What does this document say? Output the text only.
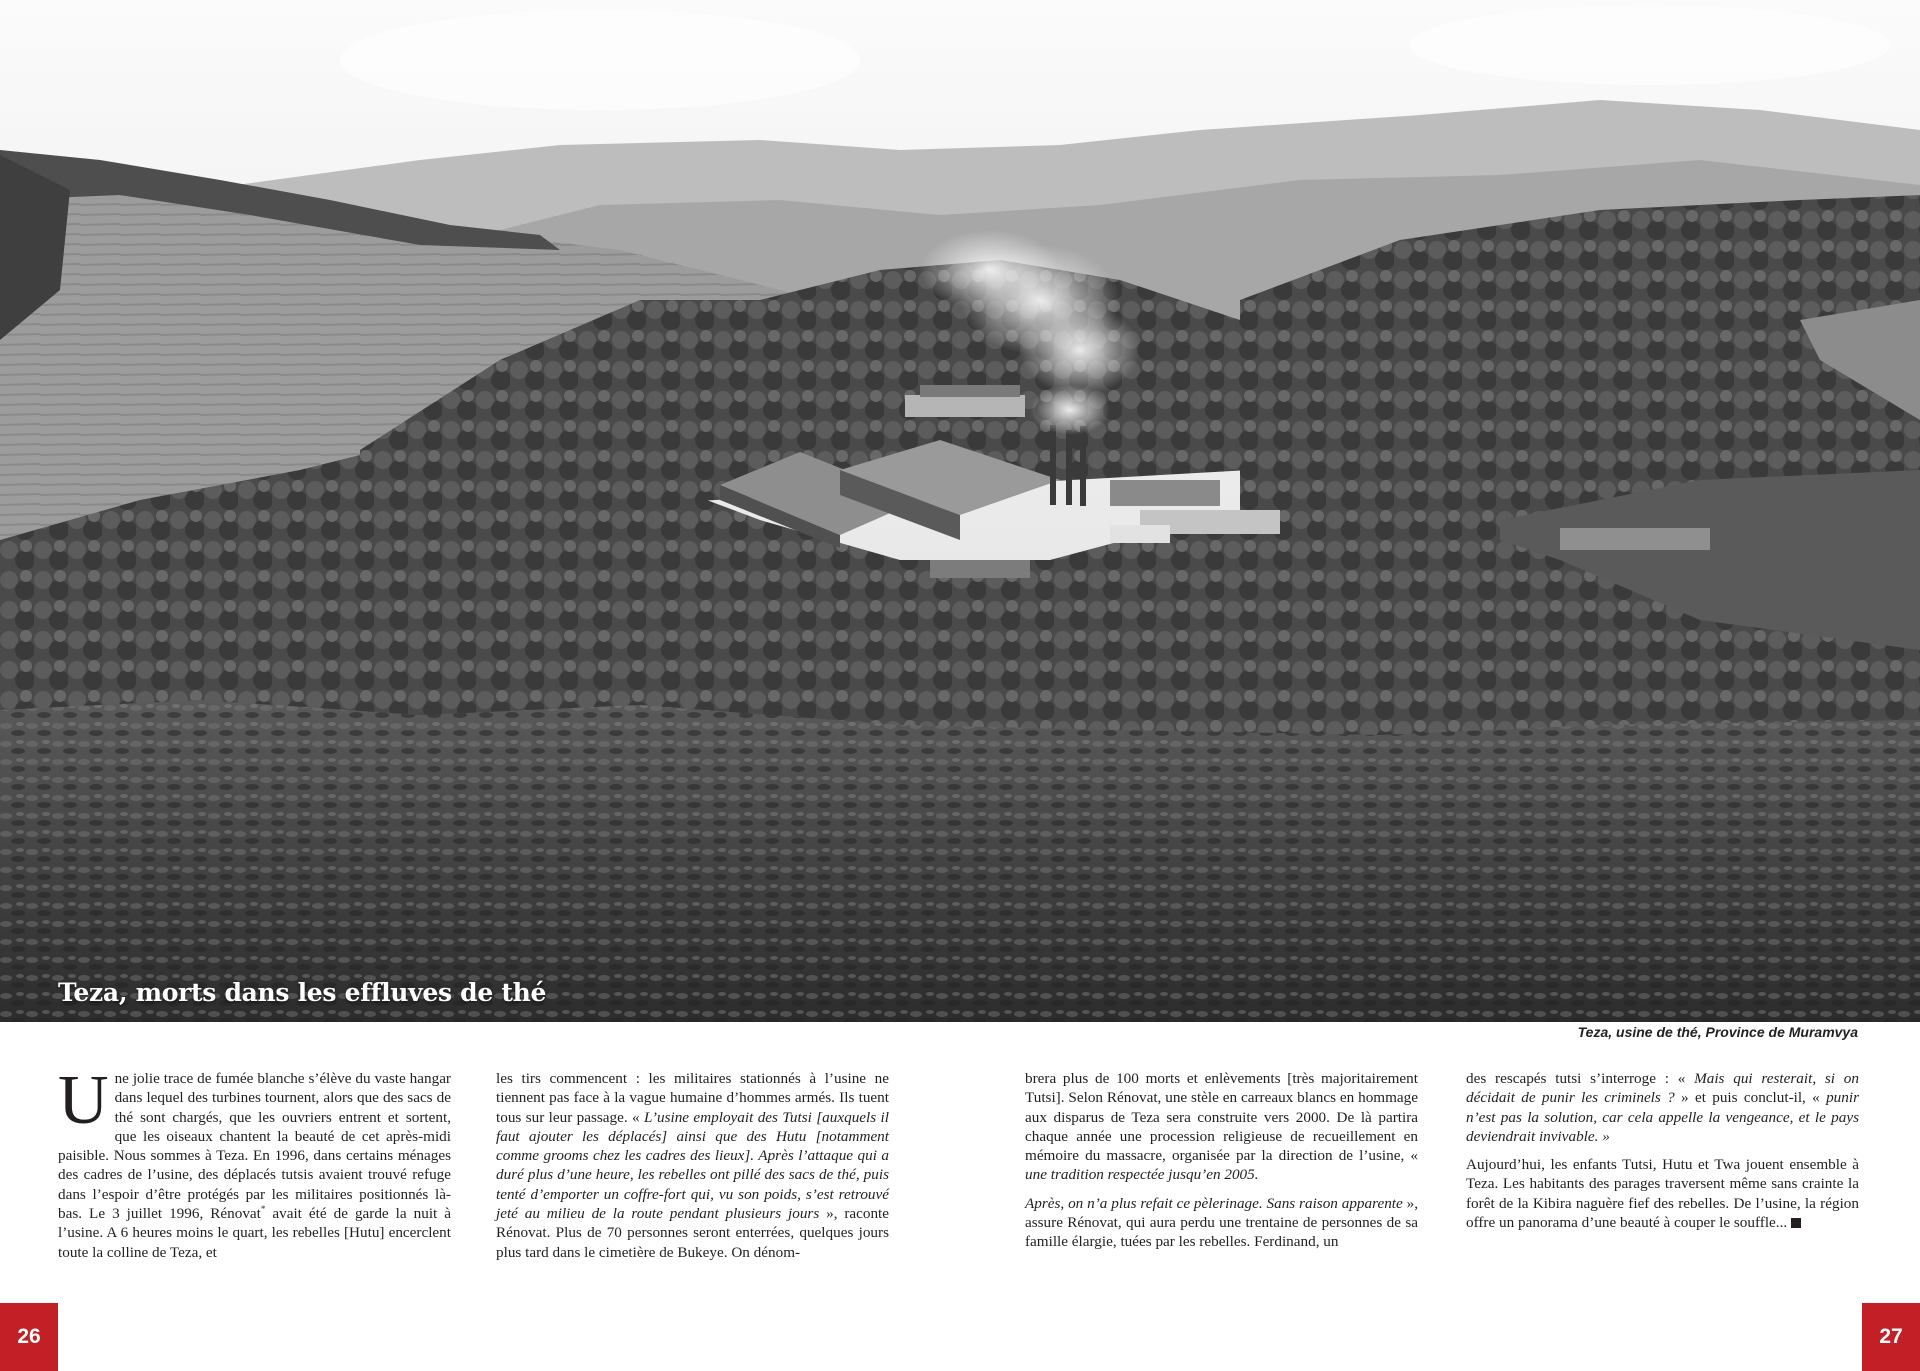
Teza, morts dans les effluves de thé
Teza, usine de thé, Province de Muramvya

Une jolie trace de fumée blanche s’élève du vaste hangar dans lequel des turbines tournent, alors que des sacs de thé sont chargés, que les ouvriers entrent et sortent, que les oiseaux chantent la beauté de cet après-midi paisible. Nous sommes à Teza. En 1996, dans certains ménages des cadres de l’usine, des déplacés tutsis avaient trouvé refuge dans l’espoir d’être protégés par les militaires positionnés là-bas. Le 3 juillet 1996, Rénovat* avait été de garde la nuit à l’usine. A 6 heures moins le quart, les rebelles [Hutu] encerclent toute la colline de Teza, et

les tirs commencent : les militaires stationnés à l’usine ne tiennent pas face à la vague humaine d’hommes armés. Ils tuent tous sur leur passage. « L’usine employait des Tutsi [auxquels il faut ajouter les déplacés] ainsi que des Hutu [notamment comme grooms chez les cadres des lieux]. Après l’attaque qui a duré plus d’une heure, les rebelles ont pillé des sacs de thé, puis tenté d’emporter un coffre-fort qui, vu son poids, s’est retrouvé jeté au milieu de la route pendant plusieurs jours », raconte Rénovat. Plus de 70 personnes seront enterrées, quelques jours plus tard dans le cimetière de Bukeye. On dénom-

brera plus de 100 morts et enlèvements [très majoritairement Tutsi]. Selon Rénovat, une stèle en carreaux blancs en hommage aux disparus de Teza sera construite vers 2000. De là partira chaque année une procession religieuse de recueillement en mémoire du massacre, organisée par la direction de l’usine, « une tradition respectée jusqu’en 2005.

Après, on n’a plus refait ce pèlerinage. Sans raison apparente », assure Rénovat, qui aura perdu une trentaine de personnes de sa famille élargie, tuées par les rebelles. Ferdinand, un

des rescapés tutsi s’interroge : « Mais qui resterait, si on décidait de punir les criminels ? » et puis conclut-il, « punir n’est pas la solution, car cela appelle la vengeance, et le pays deviendrait invivable. »

Aujourd’hui, les enfants Tutsi, Hutu et Twa jouent ensemble à Teza. Les habitants des parages traversent même sans crainte la forêt de la Kibira naguère fief des rebelles. De l’usine, la région offre un panorama d’une beauté à couper le souffle...

26	27
